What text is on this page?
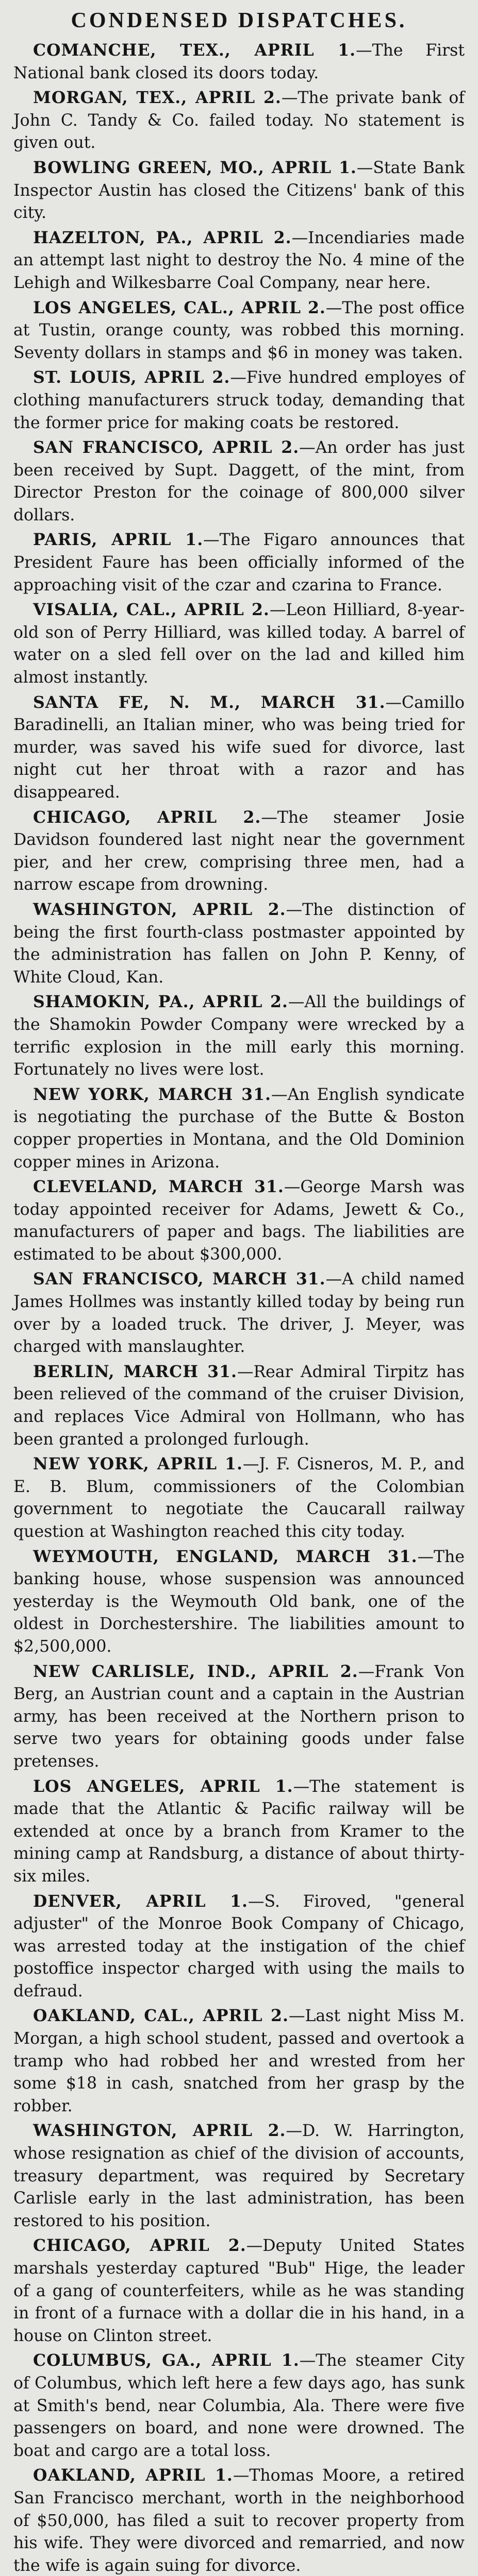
CONDENSED DISPATCHES.

COMANCHE, TEX., APRIL 1.—The First National bank closed its doors today.

MORGAN, TEX., APRIL 2.—The private bank of John C. Tandy & Co. failed today. No statement is given out.

BOWLING GREEN, MO., APRIL 1.—State Bank Inspector Austin has closed the Citizens' bank of this city.

HAZELTON, PA., APRIL 2.—Incendiaries made an attempt last night to destroy the No. 4 mine of the Lehigh and Wilkesbarre Coal Company, near here.

LOS ANGELES, CAL., APRIL 2.—The post office at Tustin, orange county, was robbed this morning. Seventy dollars in stamps and $6 in money was taken.

ST. LOUIS, APRIL 2.—Five hundred employes of clothing manufacturers struck today, demanding that the former price for making coats be restored.

SAN FRANCISCO, APRIL 2.—An order has just been received by Supt. Daggett, of the mint, from Director Preston for the coinage of 800,000 silver dollars.

PARIS, APRIL 1.—The Figaro announces that President Faure has been officially informed of the approaching visit of the czar and czarina to France.

VISALIA, CAL., APRIL 2.—Leon Hilliard, 8-year-old son of Perry Hilliard, was killed today. A barrel of water on a sled fell over on the lad and killed him almost instantly.

SANTA FE, N. M., MARCH 31.—Camillo Baradinelli, an Italian miner, who was being tried for murder, was saved his wife sued for divorce, last night cut her throat with a razor and has disappeared.

CHICAGO, APRIL 2.—The steamer Josie Davidson foundered last night near the government pier, and her crew, comprising three men, had a narrow escape from drowning.

WASHINGTON, APRIL 2.—The distinction of being the first fourth-class postmaster appointed by the administration has fallen on John P. Kenny, of White Cloud, Kan.

SHAMOKIN, PA., APRIL 2.—All the buildings of the Shamokin Powder Company were wrecked by a terrific explosion in the mill early this morning. Fortunately no lives were lost.

NEW YORK, MARCH 31.—An English syndicate is negotiating the purchase of the Butte & Boston copper properties in Montana, and the Old Dominion copper mines in Arizona.

CLEVELAND, MARCH 31.—George Marsh was today appointed receiver for Adams, Jewett & Co., manufacturers of paper and bags. The liabilities are estimated to be about $300,000.

SAN FRANCISCO, MARCH 31.—A child named James Hollmes was instantly killed today by being run over by a loaded truck. The driver, J. Meyer, was charged with manslaughter.

BERLIN, MARCH 31.—Rear Admiral Tirpitz has been relieved of the command of the cruiser Division, and replaces Vice Admiral von Hollmann, who has been granted a prolonged furlough.

NEW YORK, APRIL 1.—J. F. Cisneros, M. P., and E. B. Blum, commissioners of the Colombian government to negotiate the Caucarall railway question at Washington reached this city today.

WEYMOUTH, ENGLAND, MARCH 31.—The banking house, whose suspension was announced yesterday is the Weymouth Old bank, one of the oldest in Dorchestershire. The liabilities amount to $2,500,000.

NEW CARLISLE, IND., APRIL 2.—Frank Von Berg, an Austrian count and a captain in the Austrian army, has been received at the Northern prison to serve two years for obtaining goods under false pretenses.

LOS ANGELES, APRIL 1.—The statement is made that the Atlantic & Pacific railway will be extended at once by a branch from Kramer to the mining camp at Randsburg, a distance of about thirty-six miles.

DENVER, APRIL 1.—S. Firoved, "general adjuster" of the Monroe Book Company of Chicago, was arrested today at the instigation of the chief postoffice inspector charged with using the mails to defraud.

OAKLAND, CAL., APRIL 2.—Last night Miss M. Morgan, a high school student, passed and overtook a tramp who had robbed her and wrested from her some $18 in cash, snatched from her grasp by the robber.

WASHINGTON, APRIL 2.—D. W. Harrington, whose resignation as chief of the division of accounts, treasury department, was required by Secretary Carlisle early in the last administration, has been restored to his position.

CHICAGO, APRIL 2.—Deputy United States marshals yesterday captured "Bub" Hige, the leader of a gang of counterfeiters, while as he was standing in front of a furnace with a dollar die in his hand, in a house on Clinton street.

COLUMBUS, GA., APRIL 1.—The steamer City of Columbus, which left here a few days ago, has sunk at Smith's bend, near Columbia, Ala. There were five passengers on board, and none were drowned. The boat and cargo are a total loss.

OAKLAND, APRIL 1.—Thomas Moore, a retired San Francisco merchant, worth in the neighborhood of $50,000, has filed a suit to recover property from his wife. They were divorced and remarried, and now the wife is again suing for divorce.
